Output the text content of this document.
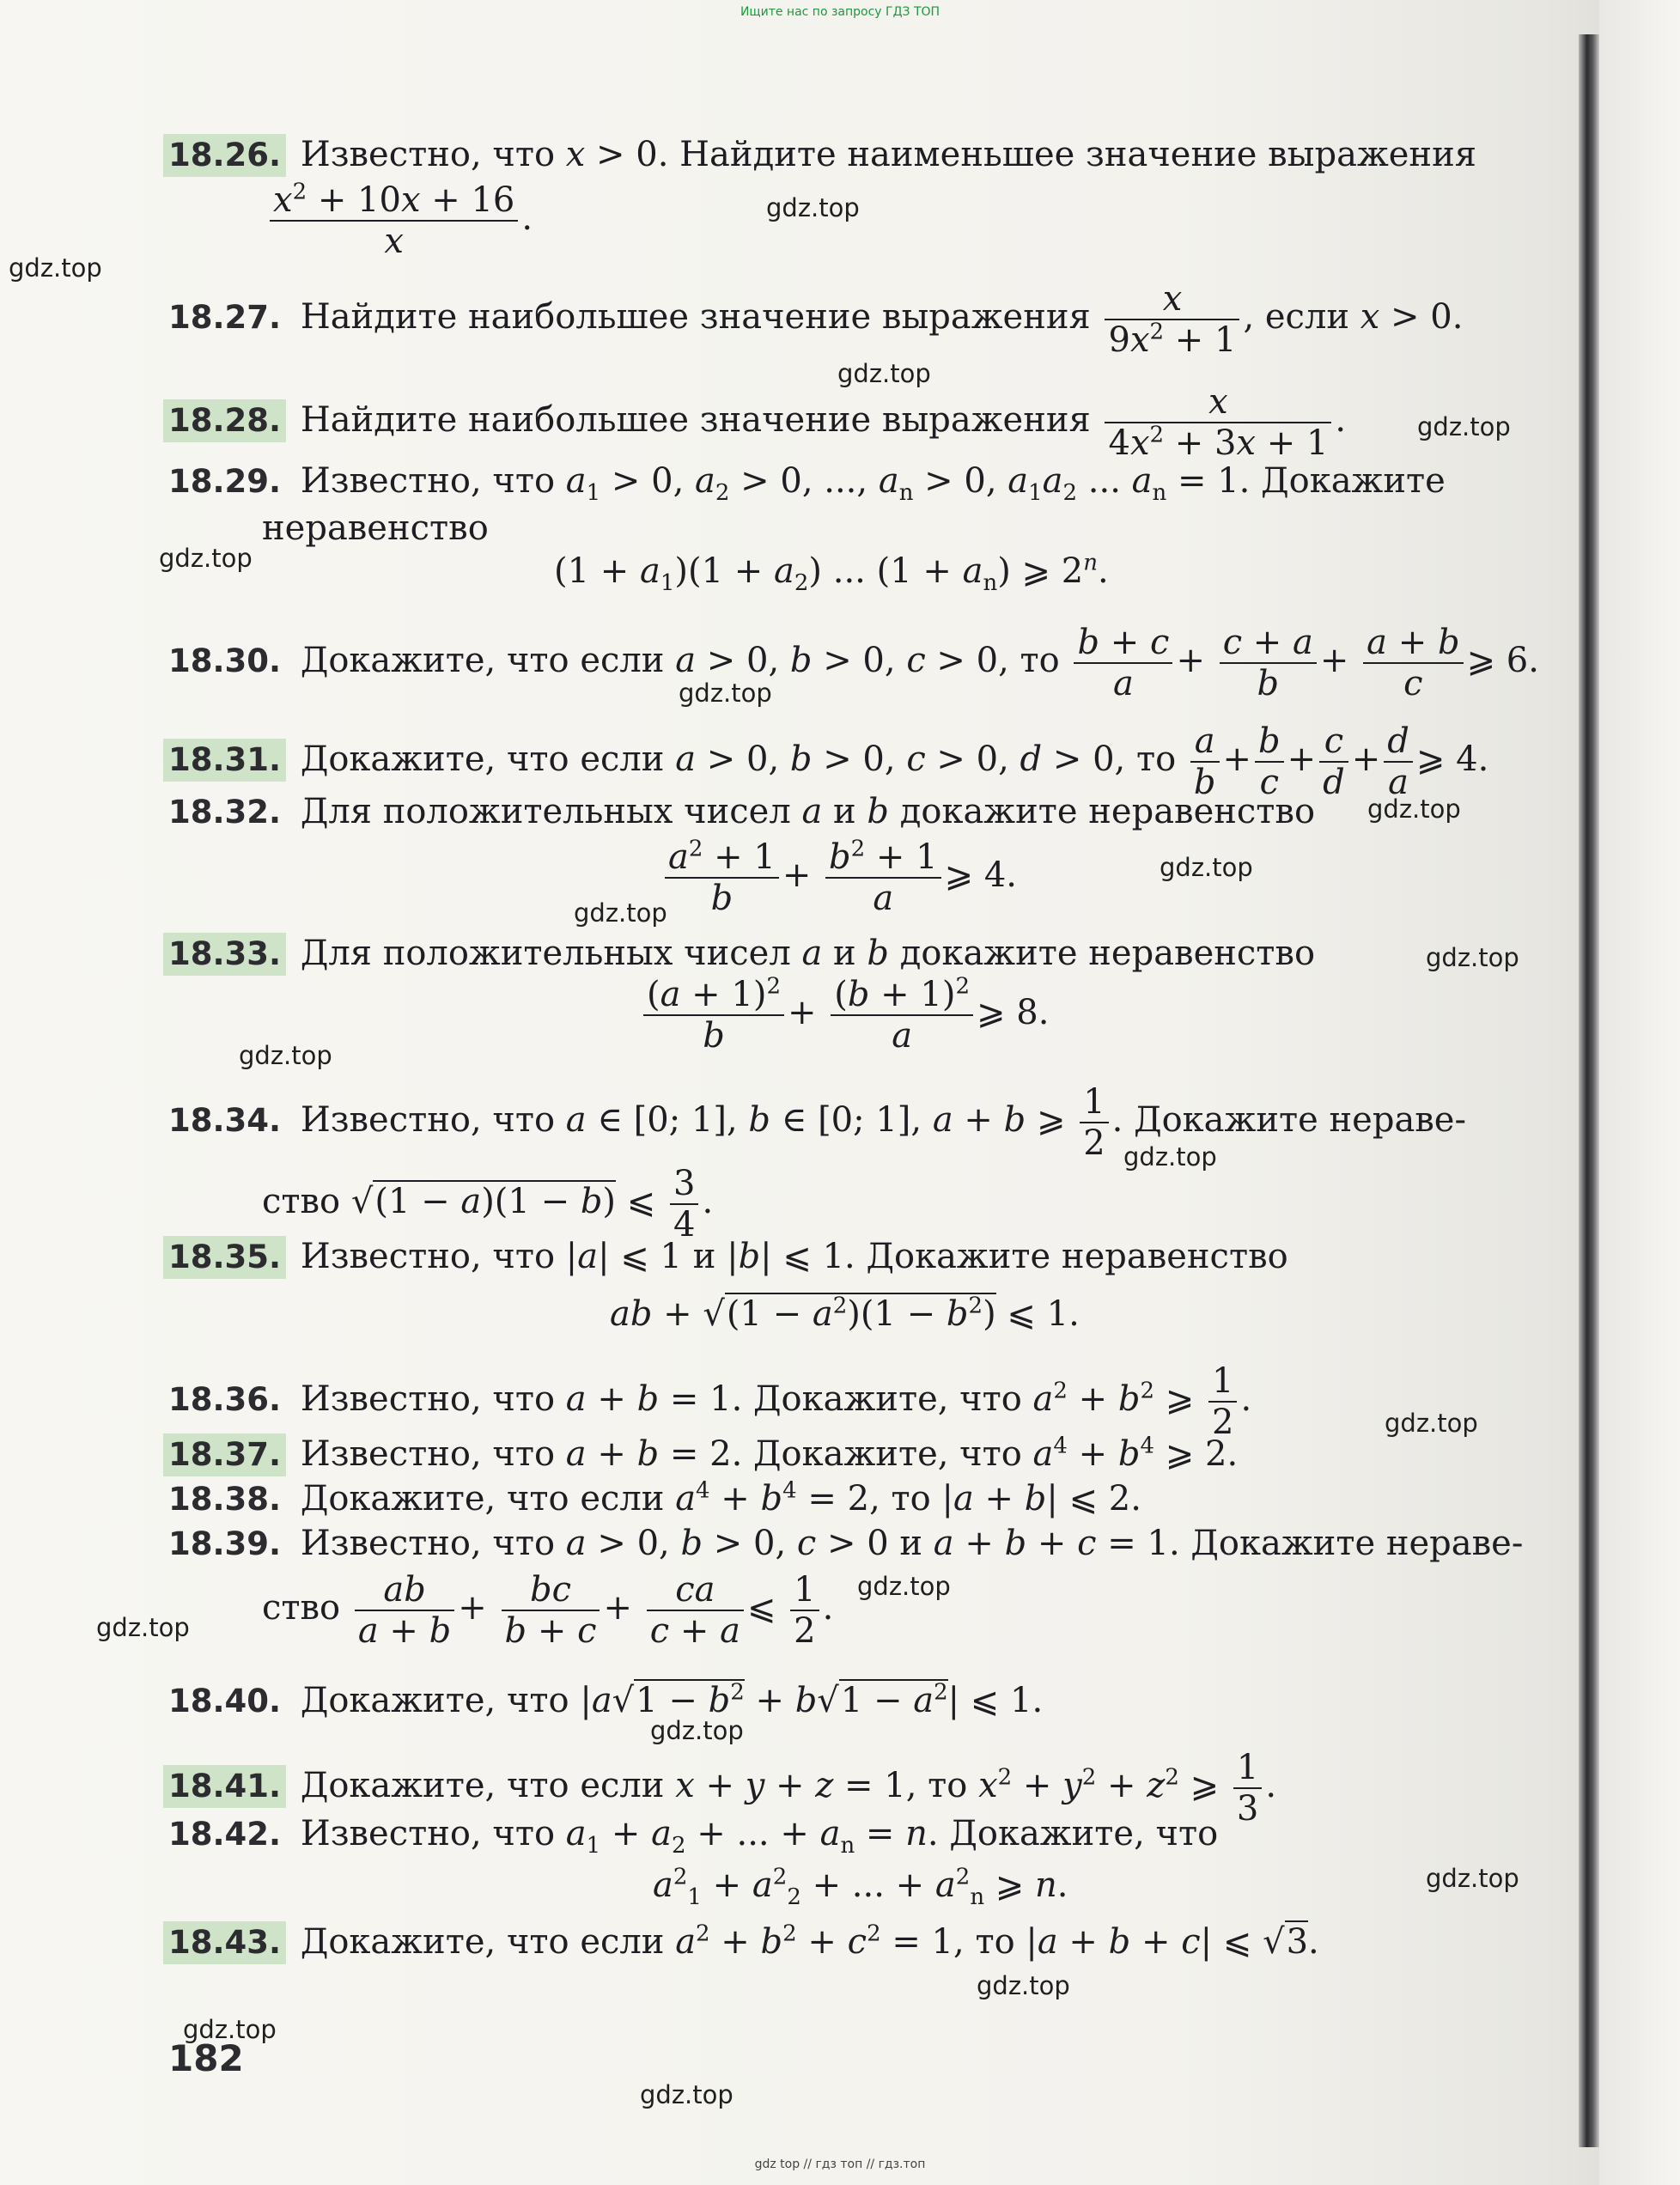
Ищите нас по запросу ГДЗ ТОП
18.26. Известно, что x > 0. Найдите наименьшее значение выражения
$\frac{x^2 + 10x + 16}{x}$ .
18.27. Найдите наибольшее значение выражения $\frac{x}{9x^2 + 1}$ , если x > 0.
18.28. Найдите наибольшее значение выражения $\frac{x}{4x^2 + 3x + 1}$ .
18.29. Известно, что $a_1 > 0$, $a_2 > 0$, ..., $a_n > 0$, $a_1a_2$ ... $a_n = 1$. Докажите
неравенство
$(1 + a_1)(1 + a_2)$ ... $(1 + a_n)$ ⩾ 2$^n$.
18.30. Докажите, что если a > 0, b > 0, c > 0, то $\frac{b + c}{a} + \frac{c + a}{b} + \frac{a + b}{c}$ ⩾ 6.
18.31. Докажите, что если a > 0, b > 0, c > 0, d > 0, то $\frac{a}{b} + \frac{b}{c} + \frac{c}{d} + \frac{d}{a}$ ⩾ 4.
18.32. Для положительных чисел a и b докажите неравенство
$\frac{a^2 + 1}{b} + \frac{b^2 + 1}{a}$ ⩾ 4.
18.33. Для положительных чисел a и b докажите неравенство
$\frac{(a + 1)^2}{b} + \frac{(b + 1)^2}{a}$ ⩾ 8.
18.34. Известно, что a ∈ [0; 1], b ∈ [0; 1], a + b ⩾ $\frac{1}{2}$ . Докажите нераве-
ство √(1 − a)(1 − b) ⩽ $\frac{3}{4}$ .
18.35. Известно, что |a| ⩽ 1 и |b| ⩽ 1. Докажите неравенство
ab + $√(1 - a^2)(1 - b^2)$ ⩽ 1.
18.36. Известно, что a + b = 1. Докажите, что $a^2 + b^2$ ⩾ $\frac{1}{2}$ .
18.37. Известно, что a + b = 2. Докажите, что $a^4 + b^4$ ⩾ 2.
18.38. Докажите, что если $a^4 + b^4 = 2$, то |a + b| ⩽ 2.
18.39. Известно, что a > 0, b > 0, c > 0 и a + b + c = 1. Докажите нераве
ство $\frac{ab}{a + b} + \frac{bc}{b + c} + \frac{ca}{c + a}$ ⩽ $\frac{1}{2}$ .
18.40. Докажите, что $|a√1 - b^2 + b√1 - a^2|$ ⩽ 1.
18.41. Докажите, что если x + y + z = 1, то $x^2 + y^2 + z^2$ ⩾ $\frac{1}{3}$ .
18.42. Известно, что $a_1 + a_2$ + ... + $a_n = n$. Докажите, что
$a^2_1 + a^2_2$ + ... + $a^2_n$ ⩾ n.
18.43. Докажите, что если $a^2 + b^2 + c^2 = 1$, то |a + b + c| ⩽ √3.
182
gdz.top
gdz.top
gdz.top
gdz.top
gdz.top
gdz.top
gdz.top
gdz.top
gdz.top
gdz.top
gdz.top
gdz.top
gdz.top
gdz.top
gdz.top
gdz.top
gdz.top
gdz.top
gdz.top
gdz.top
gdz top // гдз топ // гдз.топ
